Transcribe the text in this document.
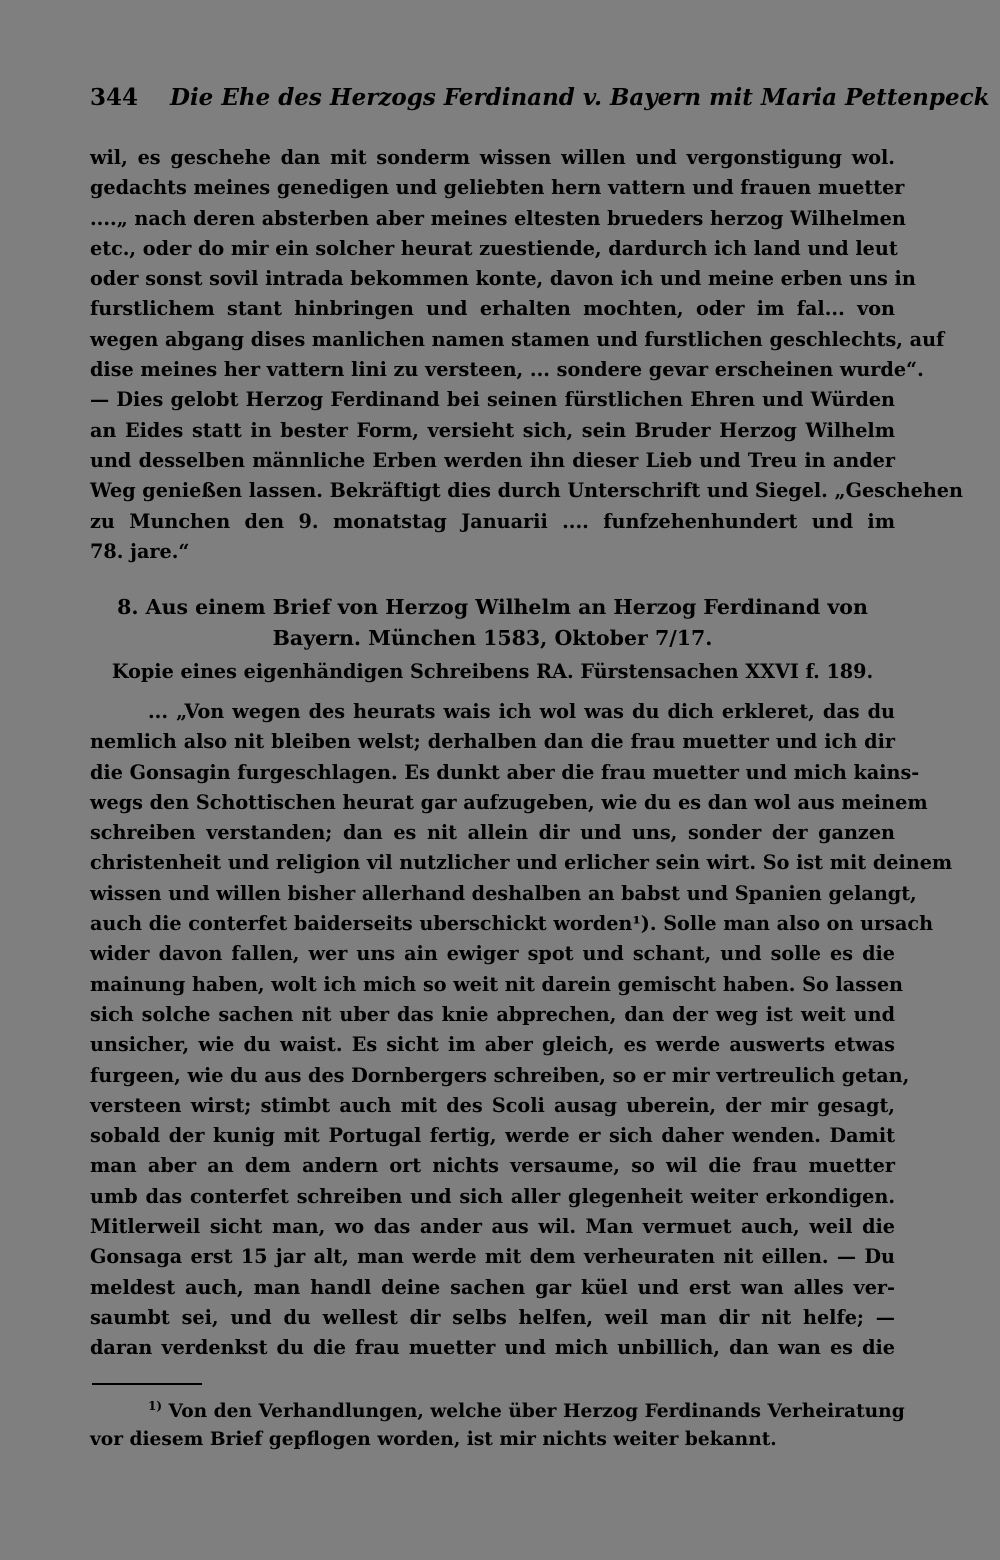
344 Die Ehe des Herzogs Ferdinand v. Bayern mit Maria Pettenpeck
wil, es geschehe dan mit sonderm wissen willen und vergonstigung wol.
gedachts meines genedigen und geliebten hern vattern und frauen muetter
....„ nach deren absterben aber meines eltesten brueders herzog Wilhelmen
etc., oder do mir ein solcher heurat zuestiende, dardurch ich land und leut
oder sonst sovil intrada bekommen konte, davon ich und meine erben uns in
furstlichem stant hinbringen und erhalten mochten, oder im fal... von
wegen abgang dises manlichen namen stamen und furstlichen geschlechts, auf
dise meines her vattern lini zu versteen, ... sondere gevar erscheinen wurde“.
— Dies gelobt Herzog Ferdinand bei seinen fürstlichen Ehren und Würden
an Eides statt in bester Form, versieht sich, sein Bruder Herzog Wilhelm
und desselben männliche Erben werden ihn dieser Lieb und Treu in ander
Weg genießen lassen. Bekräftigt dies durch Unterschrift und Siegel. „Geschehen
zu Munchen den 9. monatstag Januarii .... funfzehenhundert und im
78. jare.“
8. Aus einem Brief von Herzog Wilhelm an Herzog Ferdinand von
Bayern. München 1583, Oktober 7/17.
Kopie eines eigenhändigen Schreibens RA. Fürstensachen XXVI f. 189.
... „Von wegen des heurats wais ich wol was du dich erkleret, das du
nemlich also nit bleiben welst; derhalben dan die frau muetter und ich dir
die Gonsagin furgeschlagen. Es dunkt aber die frau muetter und mich kains-
wegs den Schottischen heurat gar aufzugeben, wie du es dan wol aus meinem
schreiben verstanden; dan es nit allein dir und uns, sonder der ganzen
christenheit und religion vil nutzlicher und erlicher sein wirt. So ist mit deinem
wissen und willen bisher allerhand deshalben an babst und Spanien gelangt,
auch die conterfet baiderseits uberschickt worden¹). Solle man also on ursach
wider davon fallen, wer uns ain ewiger spot und schant, und solle es die
mainung haben, wolt ich mich so weit nit darein gemischt haben. So lassen
sich solche sachen nit uber das knie abprechen, dan der weg ist weit und
unsicher, wie du waist. Es sicht im aber gleich, es werde auswerts etwas
furgeen, wie du aus des Dornbergers schreiben, so er mir vertreulich getan,
versteen wirst; stimbt auch mit des Scoli ausag uberein, der mir gesagt,
sobald der kunig mit Portugal fertig, werde er sich daher wenden. Damit
man aber an dem andern ort nichts versaume, so wil die frau muetter
umb das conterfet schreiben und sich aller glegenheit weiter erkondigen.
Mitlerweil sicht man, wo das ander aus wil. Man vermuet auch, weil die
Gonsaga erst 15 jar alt, man werde mit dem verheuraten nit eillen. — Du
meldest auch, man handl deine sachen gar küel und erst wan alles ver-
saumbt sei, und du wellest dir selbs helfen, weil man dir nit helfe; —
daran verdenkst du die frau muetter und mich unbillich, dan wan es die
$^{1)}$ Von den Verhandlungen, welche über Herzog Ferdinands Verheiratung
vor diesem Brief gepflogen worden, ist mir nichts weiter bekannt.
